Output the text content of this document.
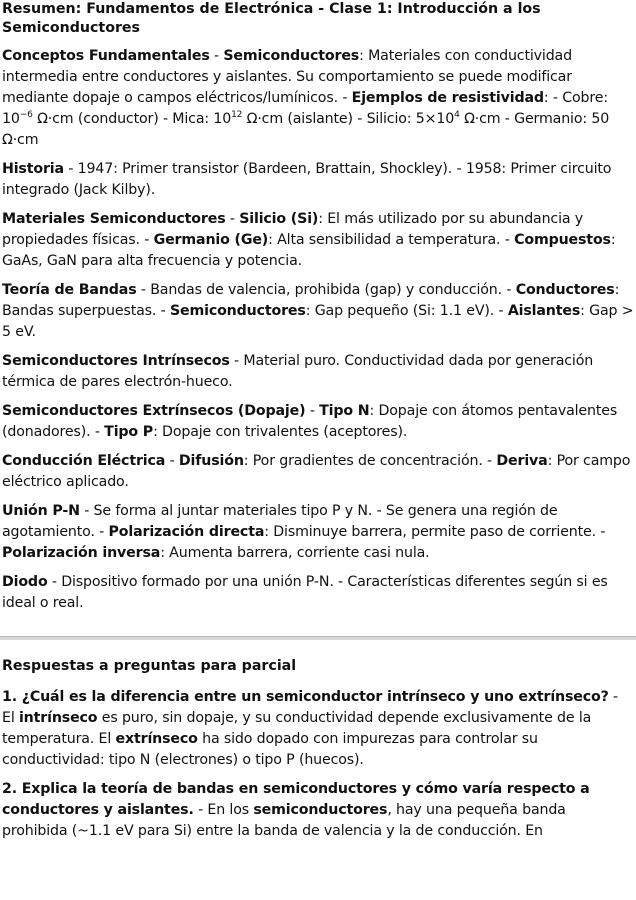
Resumen: Fundamentos de Electrónica - Clase 1: Introducción a los Semiconductores

Conceptos Fundamentales - Semiconductores: Materiales con conductividad intermedia entre conductores y aislantes. Su comportamiento se puede modificar mediante dopaje o campos eléctricos/lumínicos. - Ejemplos de resistividad: - Cobre: $10^{-6}$ Ω·cm (conductor) - Mica: $10^{12}$ Ω·cm (aislante) - Silicio: $5\times 10^4$ Ω·cm - Germanio: 50 Ω·cm

Historia - 1947: Primer transistor (Bardeen, Brattain, Shockley). - 1958: Primer circuito integrado (Jack Kilby).

Materiales Semiconductores - Silicio (Si): El más utilizado por su abundancia y propiedades físicas. - Germanio (Ge): Alta sensibilidad a temperatura. - Compuestos: GaAs, GaN para alta frecuencia y potencia.

Teoría de Bandas - Bandas de valencia, prohibida (gap) y conducción. - Conductores: Bandas superpuestas. - Semiconductores: Gap pequeño (Si: 1.1 eV). - Aislantes: Gap > 5 eV.

Semiconductores Intrínsecos - Material puro. Conductividad dada por generación térmica de pares electrón-hueco.

Semiconductores Extrínsecos (Dopaje) - Tipo N: Dopaje con átomos pentavalentes (donadores). - Tipo P: Dopaje con trivalentes (aceptores).

Conducción Eléctrica - Difusión: Por gradientes de concentración. - Deriva: Por campo eléctrico aplicado.

Unión P-N - Se forma al juntar materiales tipo P y N. - Se genera una región de agotamiento. - Polarización directa: Disminuye barrera, permite paso de corriente. - Polarización inversa: Aumenta barrera, corriente casi nula.

Diodo - Dispositivo formado por una unión P-N. - Características diferentes según si es ideal o real.

Respuestas a preguntas para parcial

1. ¿Cuál es la diferencia entre un semiconductor intrínseco y uno extrínseco? - El intrínseco es puro, sin dopaje, y su conductividad depende exclusivamente de la temperatura. El extrínseco ha sido dopado con impurezas para controlar su conductividad: tipo N (electrones) o tipo P (huecos).

2. Explica la teoría de bandas en semiconductores y cómo varía respecto a conductores y aislantes. - En los semiconductores, hay una pequeña banda prohibida (~1.1 eV para Si) entre la banda de valencia y la de conducción. En
